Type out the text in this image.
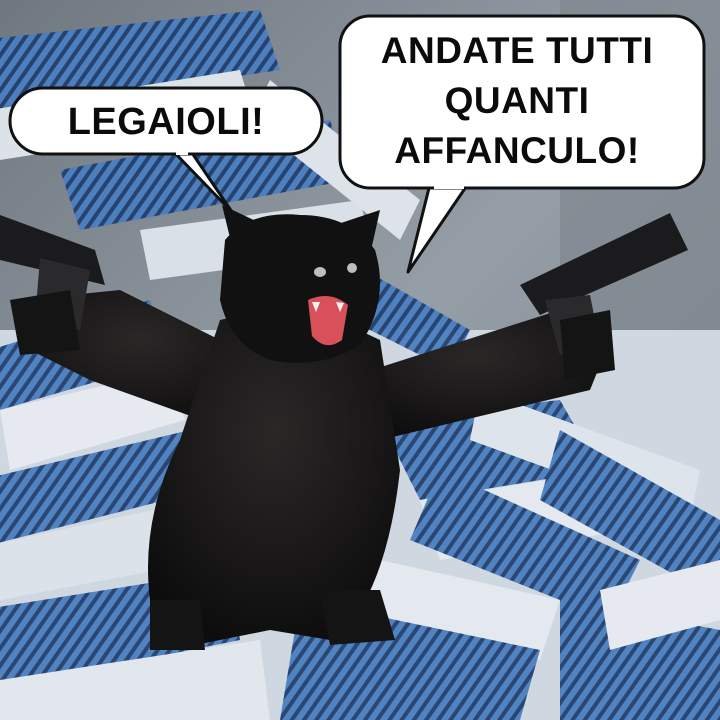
LEGAIOLI!
ANDATE TUTTI
QUANTI
AFFANCULO!
